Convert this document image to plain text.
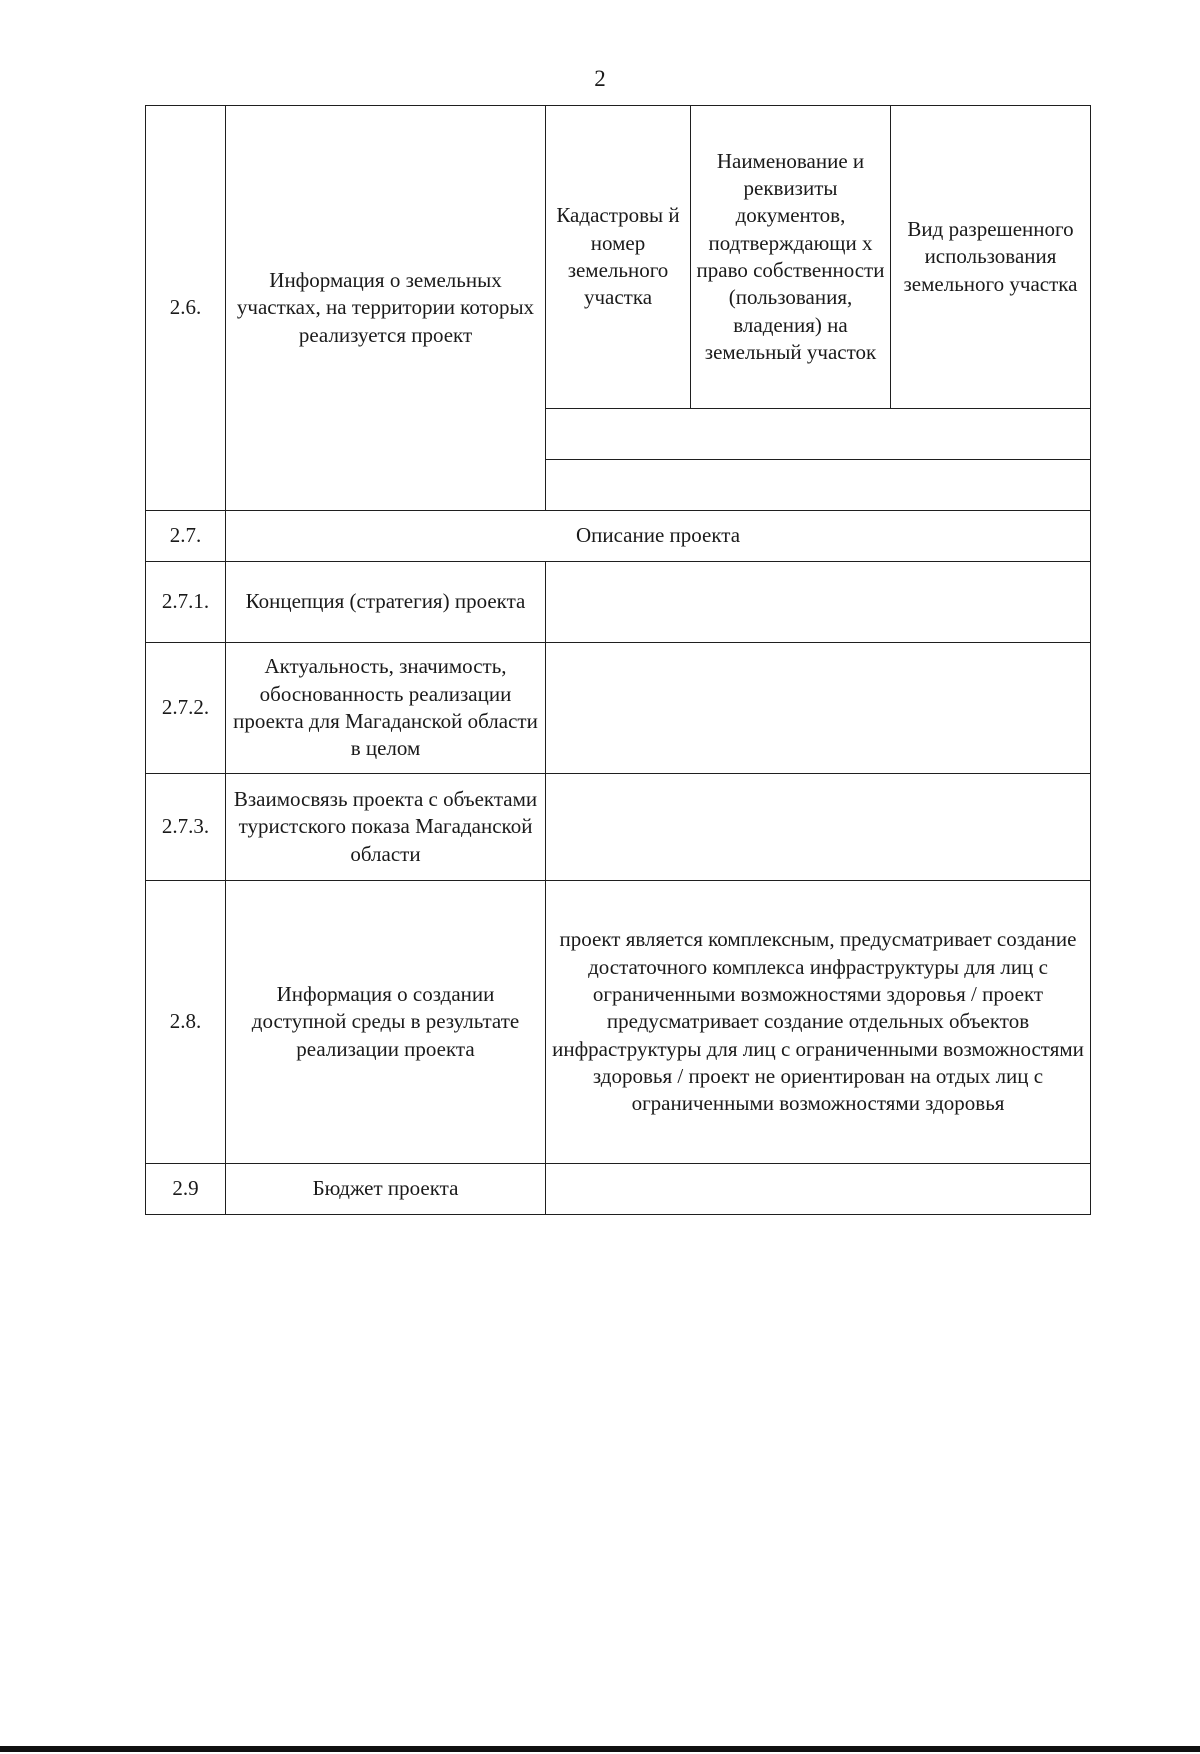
2
2.6.	Информация о земельных участках, на территории которых реализуется проект	Кадастровы й номер земельного участка	Наименование и реквизиты документов, подтверждающи х право собственности (пользования, владения) на земельный участок	Вид разрешенного использования земельного участка

2.7.	Описание проекта			
2.7.1.	Концепция (стратегия) проекта			
2.7.2.	Актуальность, значимость, обоснованность реализации проекта для Магаданской области в целом			
2.7.3.	Взаимосвязь проекта с объектами туристского показа Магаданской области			
2.8.	Информация о создании доступной среды в результате реализации проекта	проект является комплексным, предусматривает создание достаточного комплекса инфраструктуры для лиц с ограниченными возможностями здоровья / проект предусматривает создание отдельных объектов инфраструктуры для лиц с ограниченными возможностями здоровья / проект не ориентирован на отдых лиц с ограниченными возможностями здоровья		
2.9	Бюджет проекта			
